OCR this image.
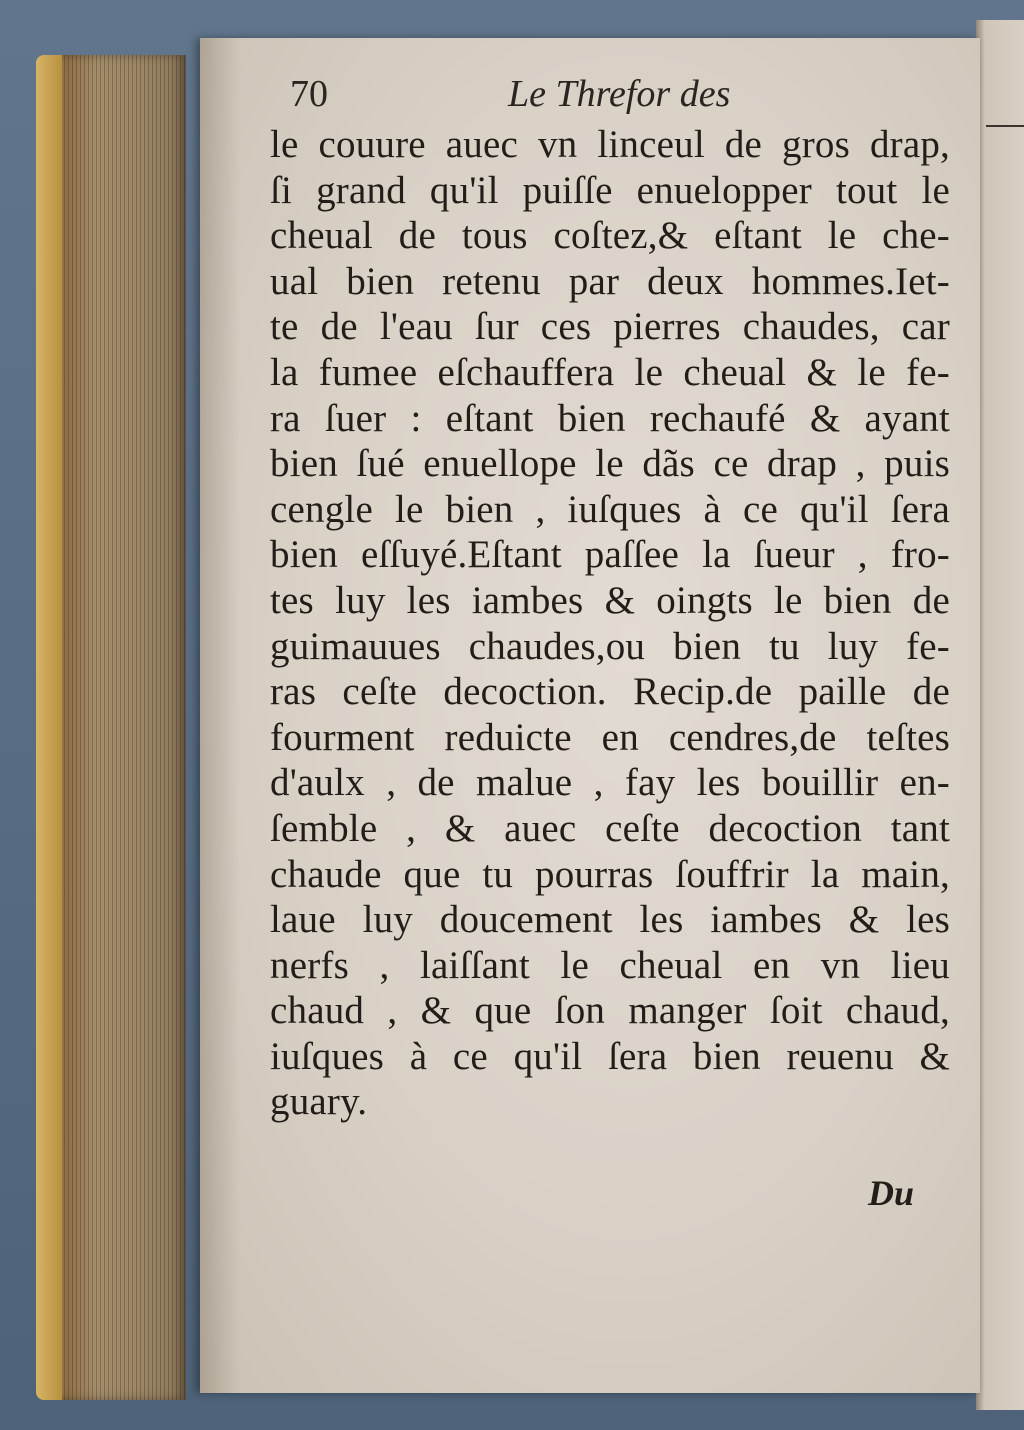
70	Le Threfor des
le couure auec vn linceul de gros drap,
ſi grand qu'il puiſſe enuelopper tout le
cheual de tous coſtez,& eſtant le che-
ual bien retenu par deux hommes.Iet-
te de l'eau ſur ces pierres chaudes, car
la fumee eſchauffera le cheual & le fe-
ra ſuer : eſtant bien rechaufé & ayant
bien ſué enuellope le dãs ce drap , puis
cengle le bien , iuſques à ce qu'il ſera
bien eſſuyé.Eſtant paſſee la ſueur , fro-
tes luy les iambes & oingts le bien de
guimauues chaudes,ou bien tu luy fe-
ras ceſte decoction. Recip.de paille de
fourment reduicte en cendres,de teſtes
d'aulx , de malue , fay les bouillir en-
ſemble , & auec ceſte decoction tant
chaude que tu pourras ſouffrir la main,
laue luy doucement les iambes & les
nerfs , laiſſant le cheual en vn lieu
chaud , & que ſon manger ſoit chaud,
iuſques à ce qu'il ſera bien reuenu &
guary.
Du
